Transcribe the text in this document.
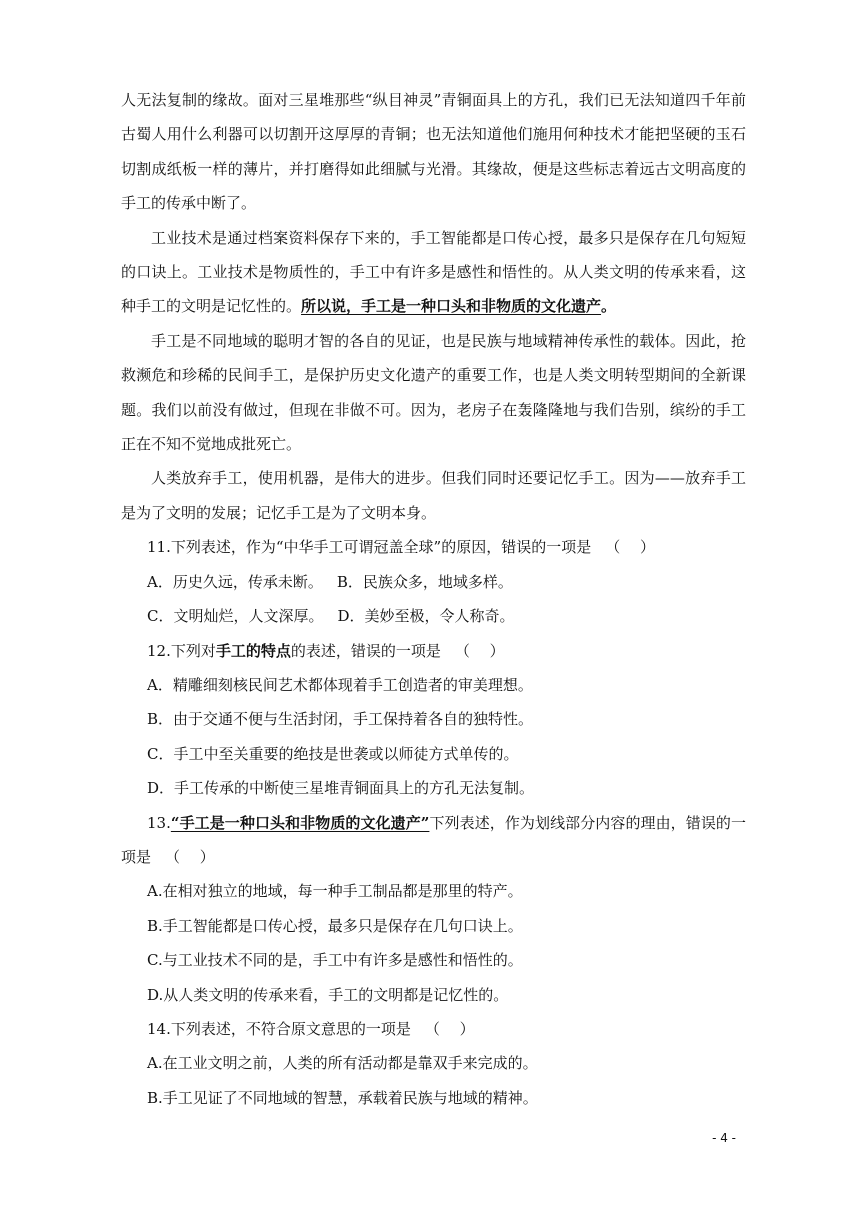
人无法复制的缘故。面对三星堆那些“纵目神灵”青铜面具上的方孔，我们已无法知道四千年前古蜀人用什么利器可以切割开这厚厚的青铜；也无法知道他们施用何种技术才能把坚硬的玉石切割成纸板一样的薄片，并打磨得如此细腻与光滑。其缘故，便是这些标志着远古文明高度的手工的传承中断了。

工业技术是通过档案资料保存下来的，手工智能都是口传心授，最多只是保存在几句短短的口诀上。工业技术是物质性的，手工中有许多是感性和悟性的。从人类文明的传承来看，这种手工的文明是记忆性的。所以说，手工是一种口头和非物质的文化遗产。

手工是不同地域的聪明才智的各自的见证，也是民族与地域精神传承性的载体。因此，抢救濒危和珍稀的民间手工，是保护历史文化遗产的重要工作，也是人类文明转型期间的全新课题。我们以前没有做过，但现在非做不可。因为，老房子在轰隆隆地与我们告别，缤纷的手工正在不知不觉地成批死亡。

人类放弃手工，使用机器，是伟大的进步。但我们同时还要记忆手工。因为——放弃手工是为了文明的发展；记忆手工是为了文明本身。

11.下列表述，作为“中华手工可谓冠盖全球”的原因，错误的一项是 （　 ）

A．历史久远，传承未断。 B．民族众多，地域多样。

C．文明灿烂，人文深厚。 D．美妙至极，令人称奇。

12.下列对手工的特点的表述，错误的一项是 （　 ）

A．精雕细刻核民间艺术都体现着手工创造者的审美理想。

B．由于交通不便与生活封闭，手工保持着各自的独特性。

C．手工中至关重要的绝技是世袭或以师徒方式单传的。

D．手工传承的中断使三星堆青铜面具上的方孔无法复制。

13.“手工是一种口头和非物质的文化遗产”下列表述，作为划线部分内容的理由，错误的一项是 （　 ）

A.在相对独立的地域，每一种手工制品都是那里的特产。

B.手工智能都是口传心授，最多只是保存在几句口诀上。

C.与工业技术不同的是，手工中有许多是感性和悟性的。

D.从人类文明的传承来看，手工的文明都是记忆性的。

14.下列表述，不符合原文意思的一项是 （　 ）

A.在工业文明之前，人类的所有活动都是靠双手来完成的。

B.手工见证了不同地域的智慧，承载着民族与地域的精神。

- 4 -
